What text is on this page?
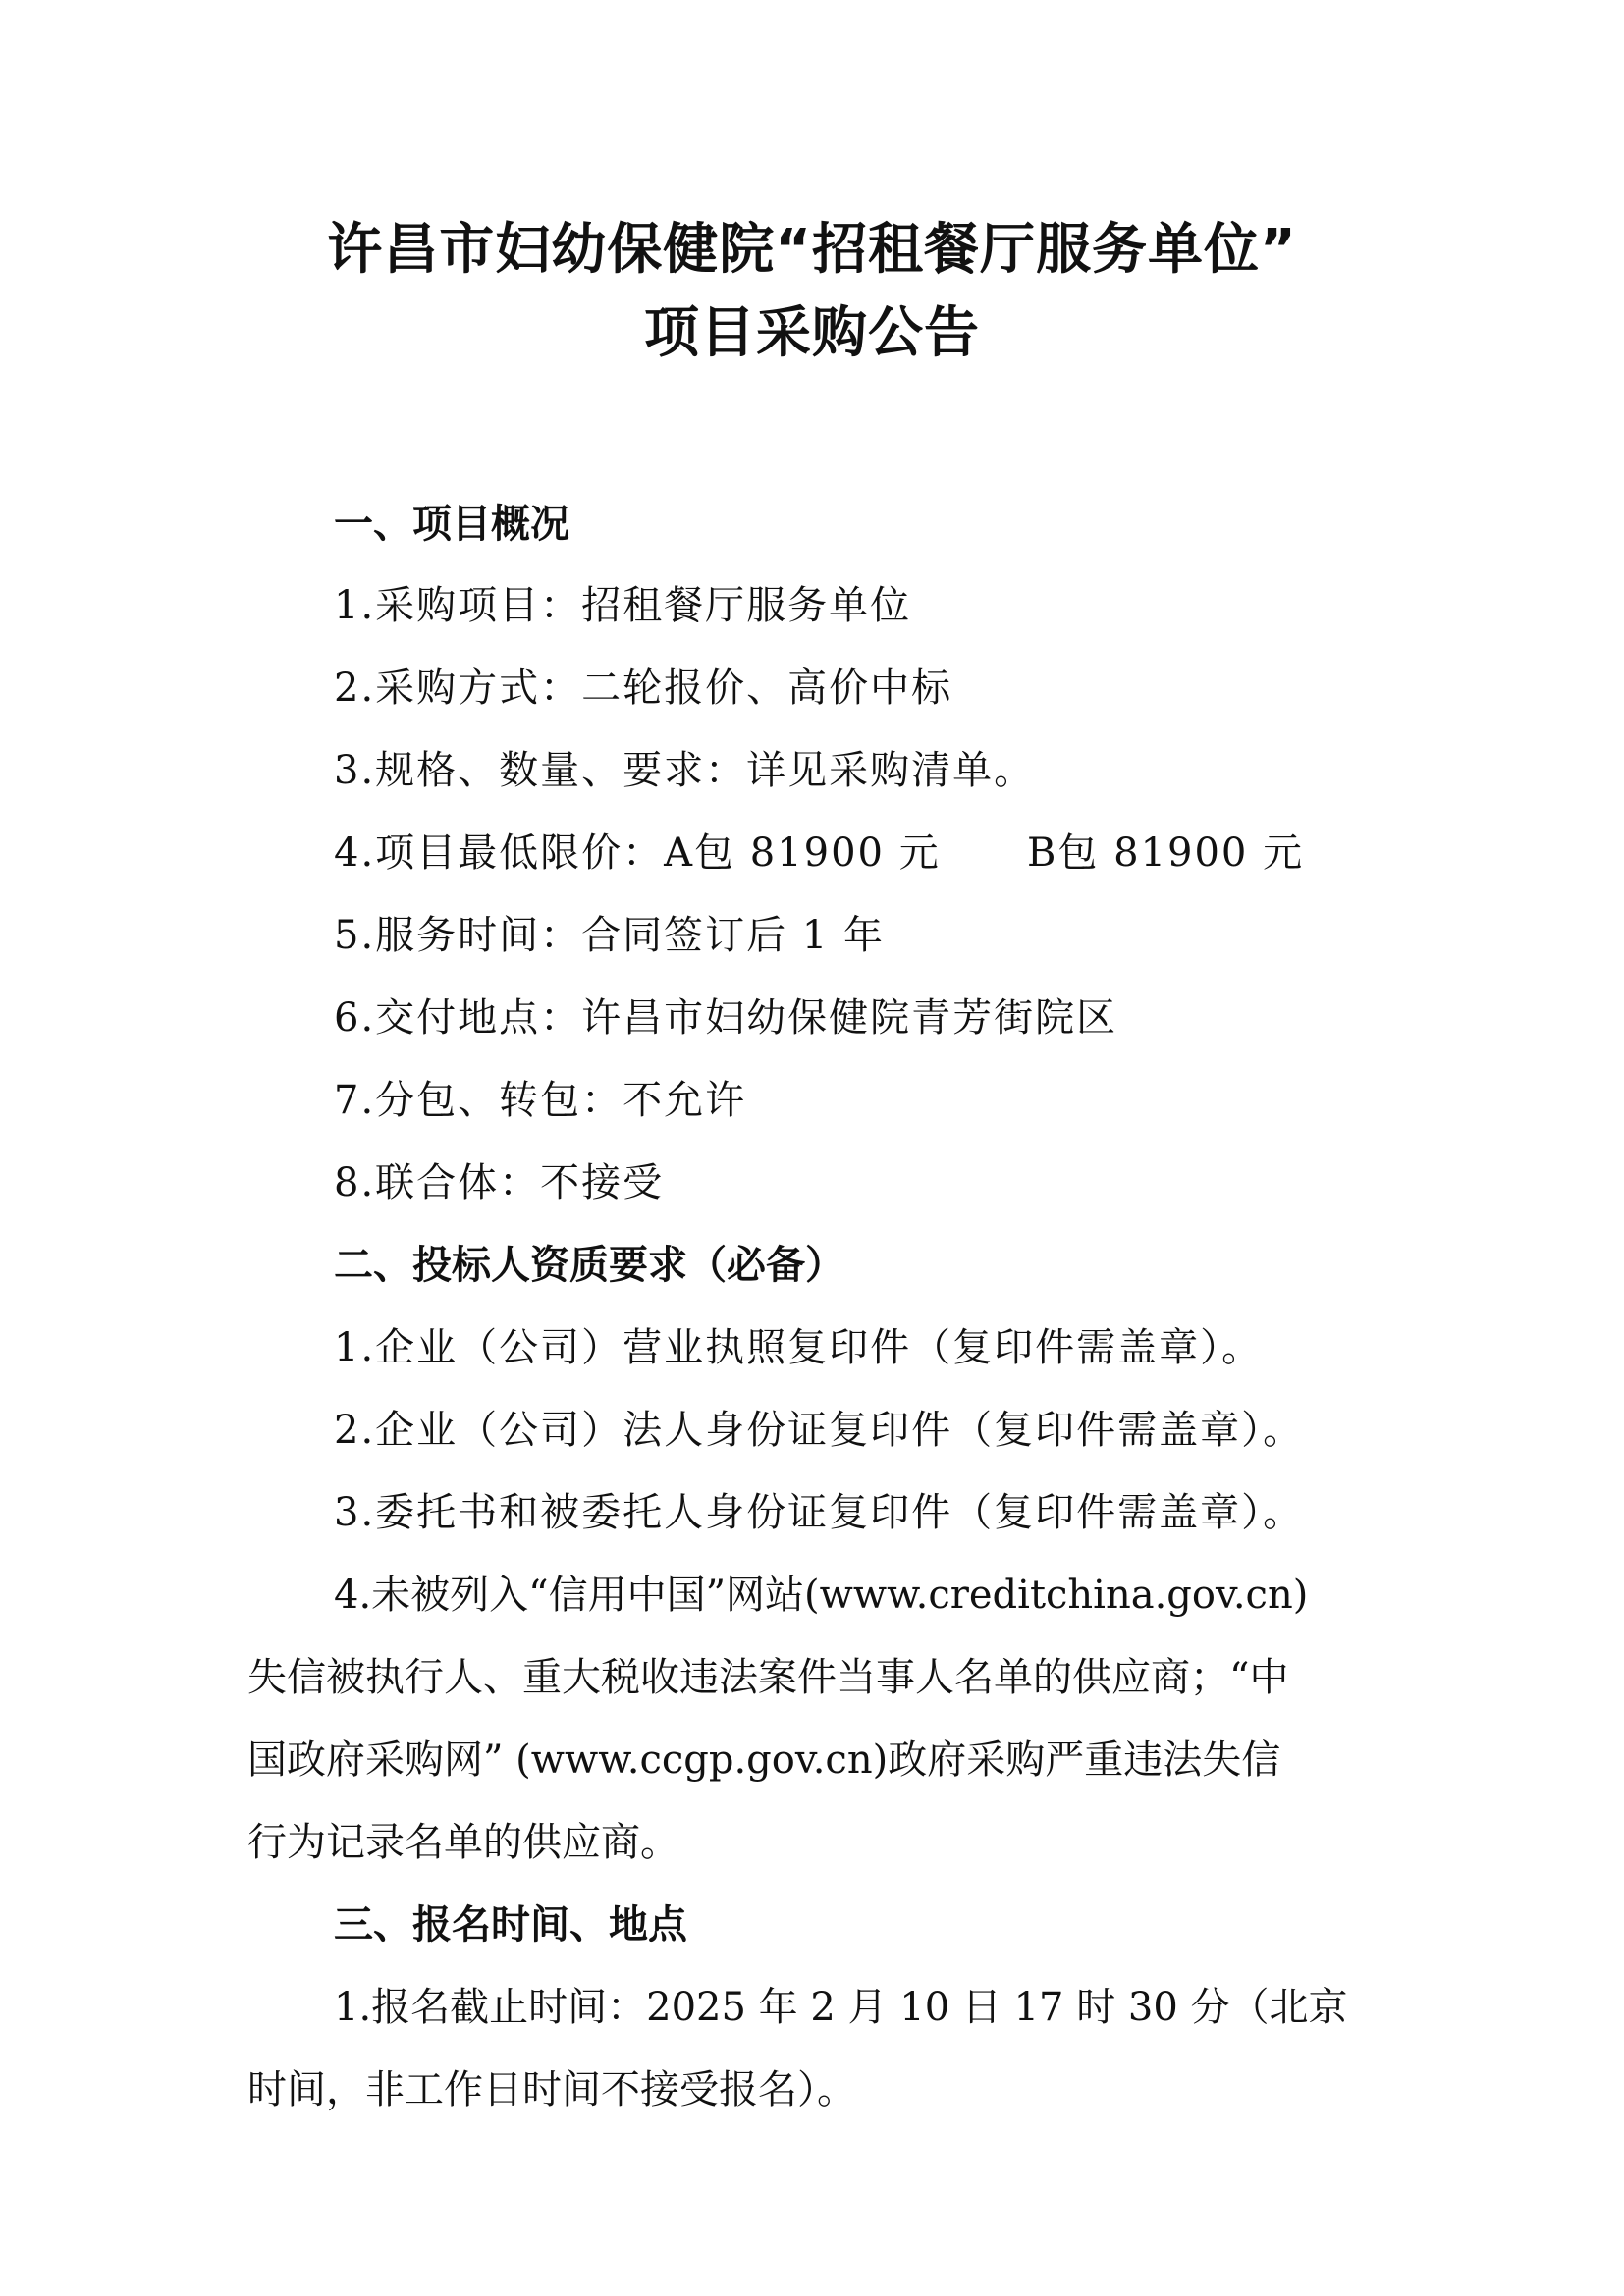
许昌市妇幼保健院“招租餐厅服务单位”
项目采购公告
一、项目概况
1.采购项目：招租餐厅服务单位
2.采购方式：二轮报价、高价中标
3.规格、数量、要求：详见采购清单。
4.项目最低限价：A包 81900 元      B包 81900 元
5.服务时间：合同签订后 1 年
6.交付地点：许昌市妇幼保健院青芳街院区
7.分包、转包：不允许
8.联合体：不接受
二、投标人资质要求（必备）
1.企业（公司）营业执照复印件（复印件需盖章）。
2.企业（公司）法人身份证复印件（复印件需盖章）。
3.委托书和被委托人身份证复印件（复印件需盖章）。
4.未被列入“信用中国”网站(www.creditchina.gov.cn)
失信被执行人、重大税收违法案件当事人名单的供应商；“中
国政府采购网” (www.ccgp.gov.cn)政府采购严重违法失信
行为记录名单的供应商。
三、报名时间、地点
1.报名截止时间：2025 年 2 月 10 日 17 时 30 分（北京
时间，非工作日时间不接受报名）。
